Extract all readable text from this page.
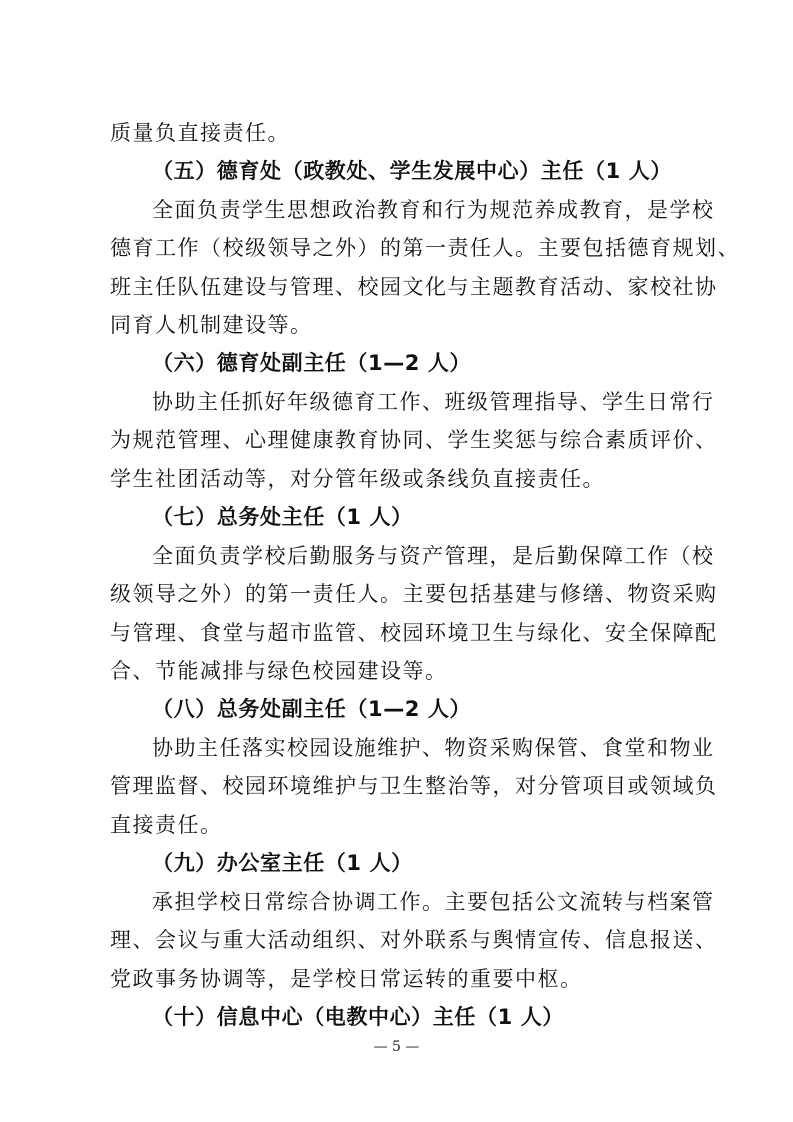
质量负直接责任。
（五）德育处（政教处、学生发展中心）主任（1 人）
全面负责学生思想政治教育和行为规范养成教育，是学校
德育工作（校级领导之外）的第一责任人。主要包括德育规划、
班主任队伍建设与管理、校园文化与主题教育活动、家校社协
同育人机制建设等。
（六）德育处副主任（1—2 人）
协助主任抓好年级德育工作、班级管理指导、学生日常行
为规范管理、心理健康教育协同、学生奖惩与综合素质评价、
学生社团活动等，对分管年级或条线负直接责任。
（七）总务处主任（1 人）
全面负责学校后勤服务与资产管理，是后勤保障工作（校
级领导之外）的第一责任人。主要包括基建与修缮、物资采购
与管理、食堂与超市监管、校园环境卫生与绿化、安全保障配
合、节能减排与绿色校园建设等。
（八）总务处副主任（1—2 人）
协助主任落实校园设施维护、物资采购保管、食堂和物业
管理监督、校园环境维护与卫生整治等，对分管项目或领域负
直接责任。
（九）办公室主任（1 人）
承担学校日常综合协调工作。主要包括公文流转与档案管
理、会议与重大活动组织、对外联系与舆情宣传、信息报送、
党政事务协调等，是学校日常运转的重要中枢。
（十）信息中心（电教中心）主任（1 人）
— 5 —
